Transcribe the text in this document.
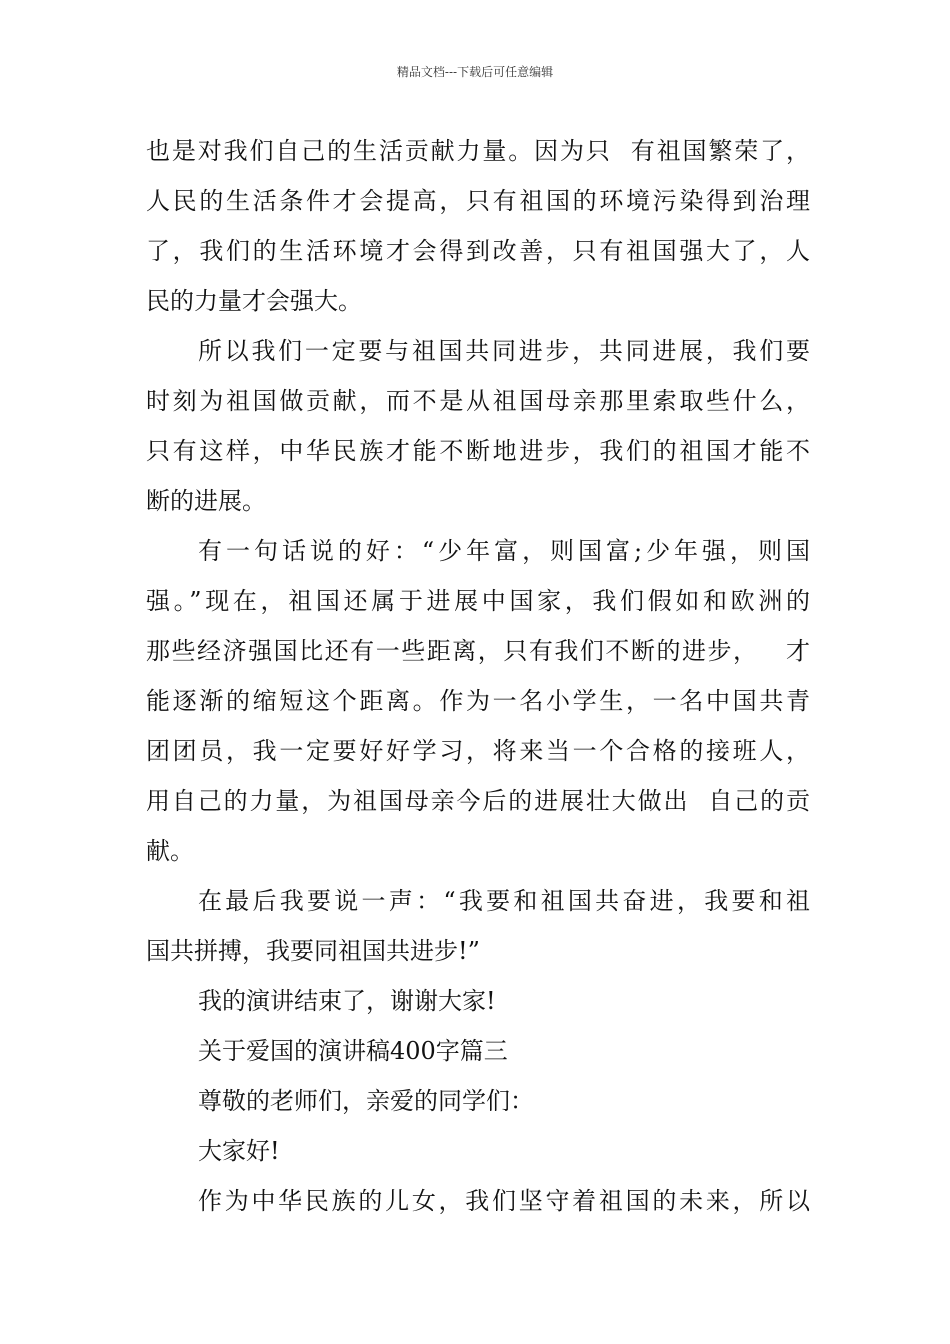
精品文档---下载后可任意编辑

也是对我们自己的生活贡献力量。因为只  有祖国繁荣了，

人民的生活条件才会提高，只有祖国的环境污染得到治理

了，我们的生活环境才会得到改善，只有祖国强大了，人

民的力量才会强大。

所以我们一定要与祖国共同进步，共同进展，我们要

时刻为祖国做贡献，而不是从祖国母亲那里索取些什么，

只有这样，中华民族才能不断地进步，我们的祖国才能不

断的进展。

有一句话说的好：“少年富，则国富;少年强，则国

强。”现在，祖国还属于进展中国家，我们假如和欧洲的

那些经济强国比还有一些距离，只有我们不断的进步，   才

能逐渐的缩短这个距离。作为一名小学生，一名中国共青

团团员，我一定要好好学习，将来当一个合格的接班人，

用自己的力量，为祖国母亲今后的进展壮大做出  自己的贡

献。

在最后我要说一声：“我要和祖国共奋进，我要和祖

国共拼搏，我要同祖国共进步!”

我的演讲结束了，谢谢大家!

关于爱国的演讲稿400字篇三

尊敬的老师们，亲爱的同学们：

大家好!

作为中华民族的儿女，我们坚守着祖国的未来，所以
